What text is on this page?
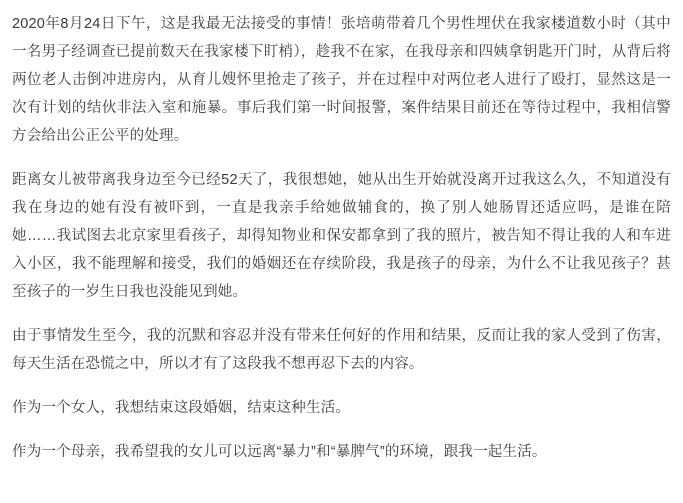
2020年8月24日下午，这是我最无法接受的事情！张培萌带着几个男性埋伏在我家楼道数小时（其中一名男子经调查已提前数天在我家楼下盯梢），趁我不在家，在我母亲和四姨拿钥匙开门时，从背后将两位老人击倒冲进房内，从育儿嫂怀里抢走了孩子，并在过程中对两位老人进行了殴打，显然这是一次有计划的结伙非法入室和施暴。事后我们第一时间报警，案件结果目前还在等待过程中，我相信警方会给出公正公平的处理。

距离女儿被带离我身边至今已经52天了，我很想她，她从出生开始就没离开过我这么久，不知道没有我在身边的她有没有被吓到，一直是我亲手给她做辅食的，换了别人她肠胃还适应吗，是谁在陪她……我试图去北京家里看孩子，却得知物业和保安都拿到了我的照片，被告知不得让我的人和车进入小区，我不能理解和接受，我们的婚姻还在存续阶段，我是孩子的母亲，为什么不让我见孩子？甚至孩子的一岁生日我也没能见到她。

由于事情发生至今，我的沉默和容忍并没有带来任何好的作用和结果，反而让我的家人受到了伤害，每天生活在恐慌之中，所以才有了这段我不想再忍下去的内容。

作为一个女人，我想结束这段婚姻，结束这种生活。

作为一个母亲，我希望我的女儿可以远离“暴力”和“暴脾气”的环境，跟我一起生活。
